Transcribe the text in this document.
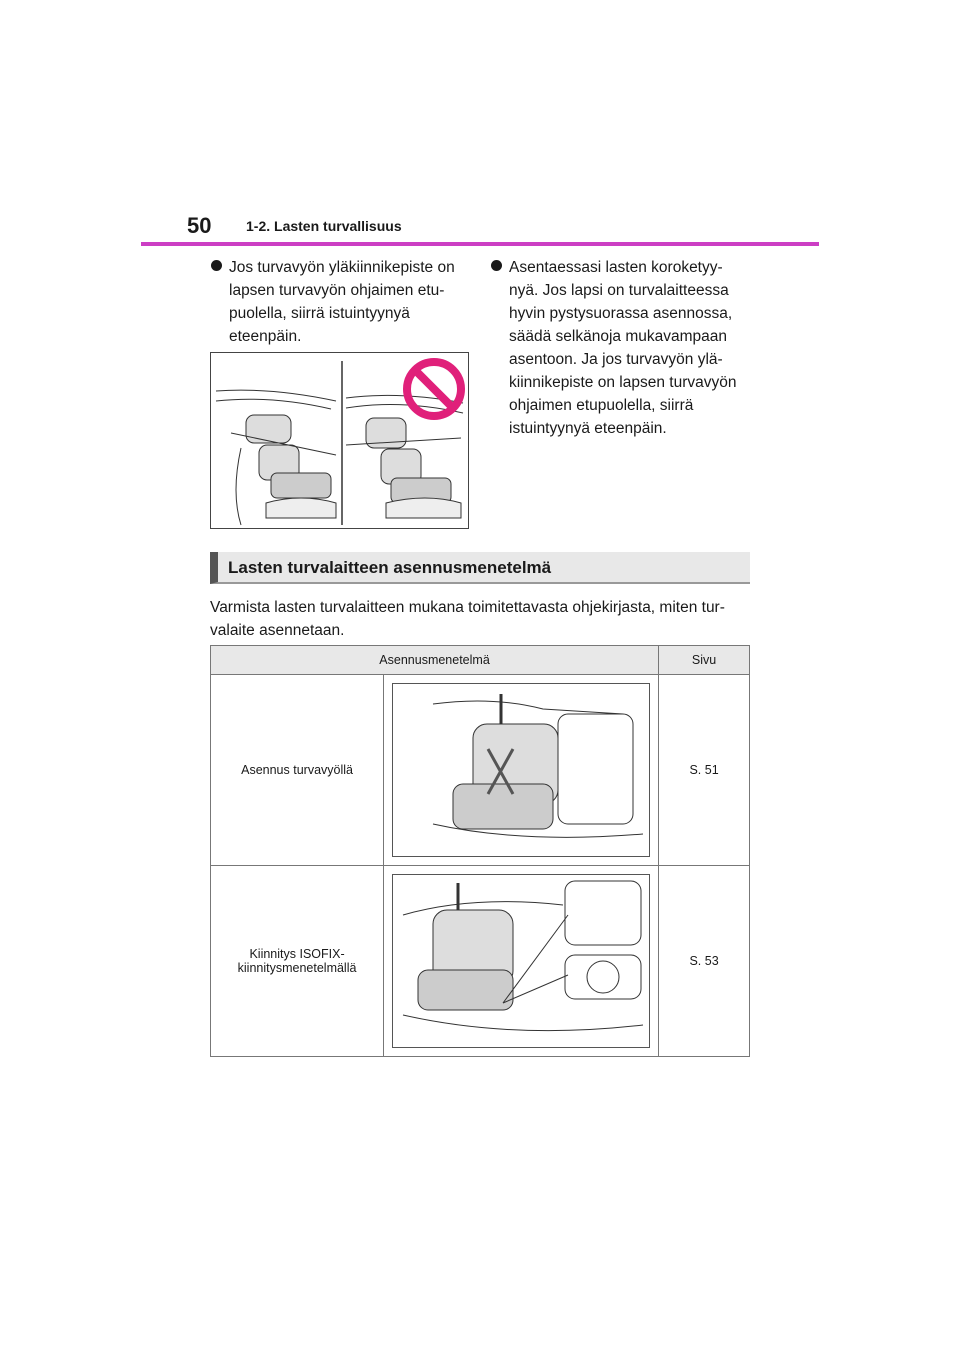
50 1-2. Lasten turvallisuus
Jos turvavyön yläkiinnikepiste on
lapsen turvavyön ohjaimen etu-
puolella, siirrä istuintyynyä
eteenpäin.
Asentaessasi lasten koroketyy-
nyä. Jos lapsi on turvalaitteessa
hyvin pystysuorassa asennossa,
säädä selkänoja mukavampaan
asentoon. Ja jos turvavyön ylä-
kiinnikepiste on lapsen turvavyön
ohjaimen etupuolella, siirrä
istuintyynyä eteenpäin.
Lasten turvalaitteen asennusmenetelmä
Varmista lasten turvalaitteen mukana toimitettavasta ohjekirjasta, miten tur-
valaite asennetaan.
Asennusmenetelmä		Sivu
Asennus turvavyöllä		S. 51
Kiinnitys ISOFIX-
kiinnitysmenetelmällä		S. 53
